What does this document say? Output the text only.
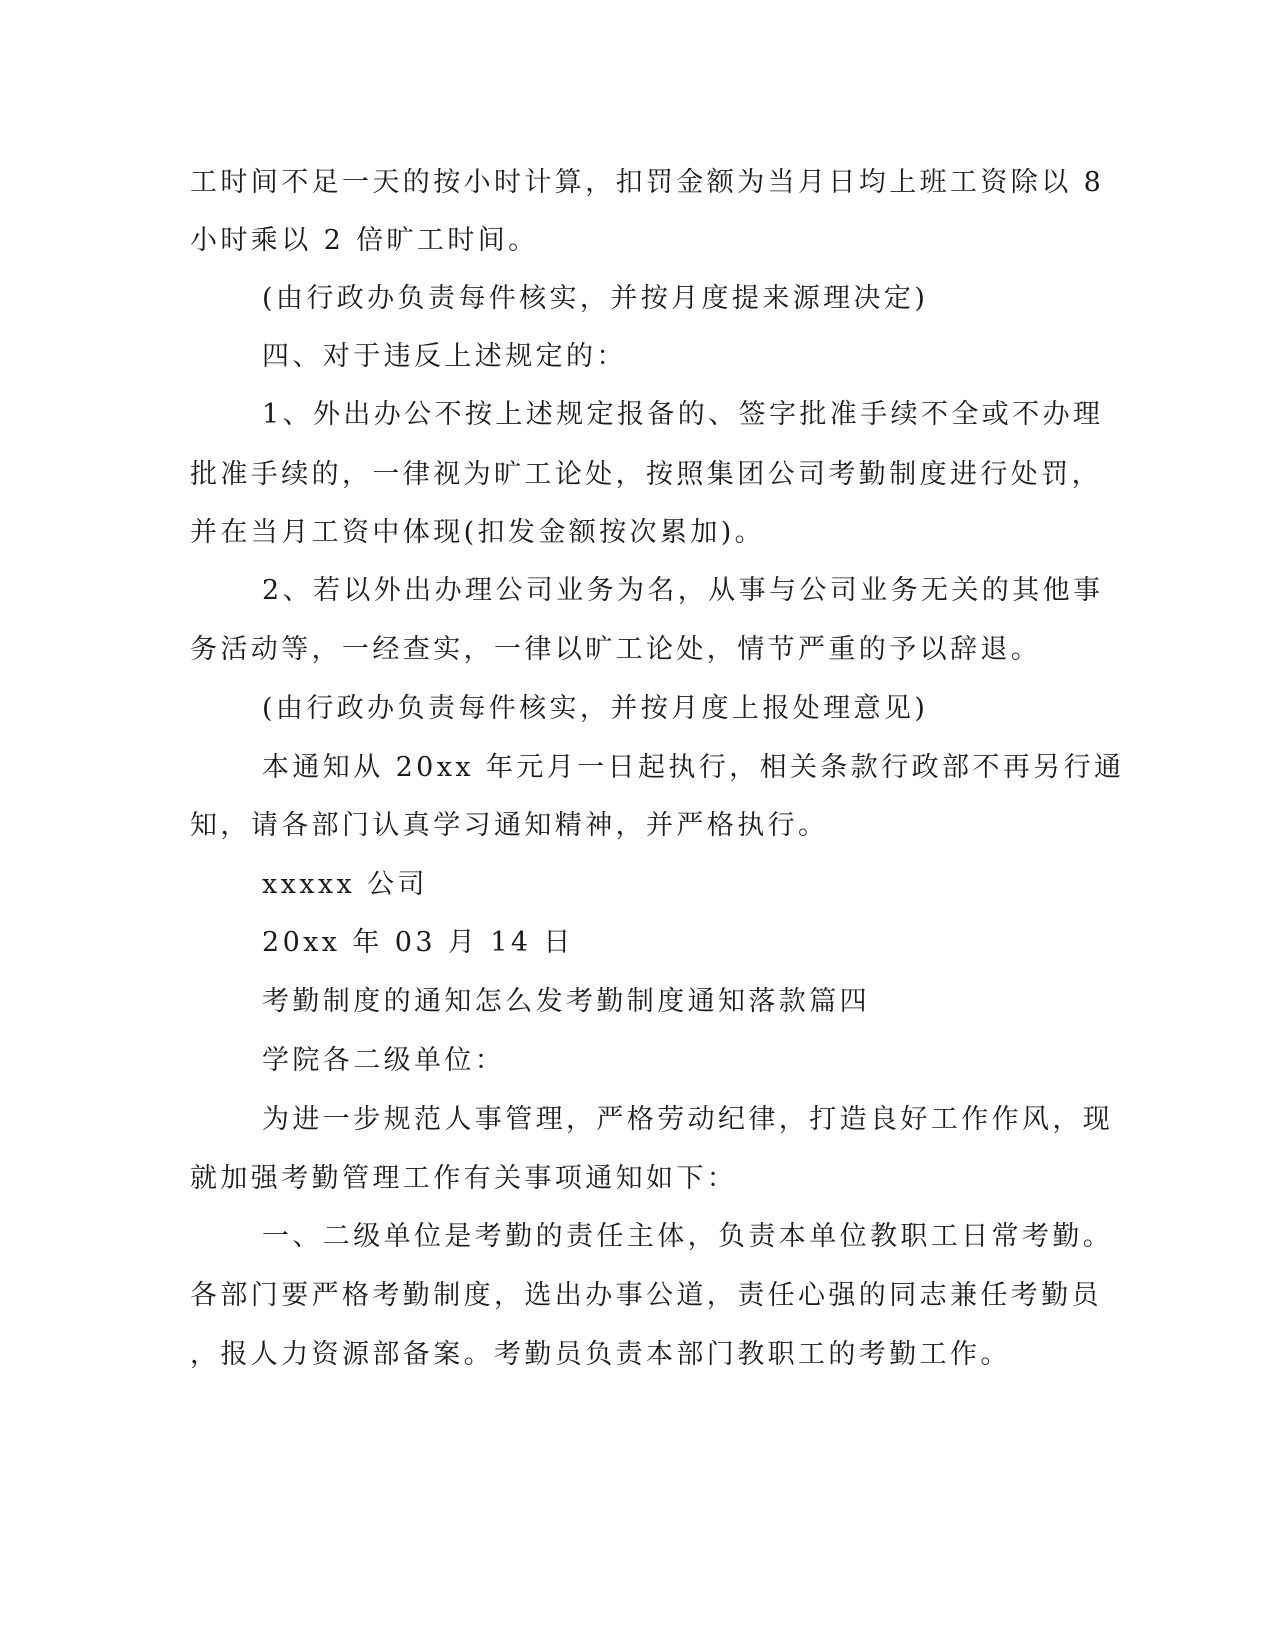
工时间不足一天的按小时计算，扣罚金额为当月日均上班工资除以 8
小时乘以 2 倍旷工时间。
(由行政办负责每件核实，并按月度提来源理决定)
四、对于违反上述规定的：
1、外出办公不按上述规定报备的、签字批准手续不全或不办理
批准手续的，一律视为旷工论处，按照集团公司考勤制度进行处罚，
并在当月工资中体现(扣发金额按次累加)。
2、若以外出办理公司业务为名，从事与公司业务无关的其他事
务活动等，一经查实，一律以旷工论处，情节严重的予以辞退。
(由行政办负责每件核实，并按月度上报处理意见)
本通知从 20xx 年元月一日起执行，相关条款行政部不再另行通
知，请各部门认真学习通知精神，并严格执行。
xxxxx 公司
20xx 年 03 月 14 日
考勤制度的通知怎么发考勤制度通知落款篇四
学院各二级单位：
为进一步规范人事管理，严格劳动纪律，打造良好工作作风，现
就加强考勤管理工作有关事项通知如下：
一、二级单位是考勤的责任主体，负责本单位教职工日常考勤。
各部门要严格考勤制度，选出办事公道，责任心强的同志兼任考勤员
，报人力资源部备案。考勤员负责本部门教职工的考勤工作。
